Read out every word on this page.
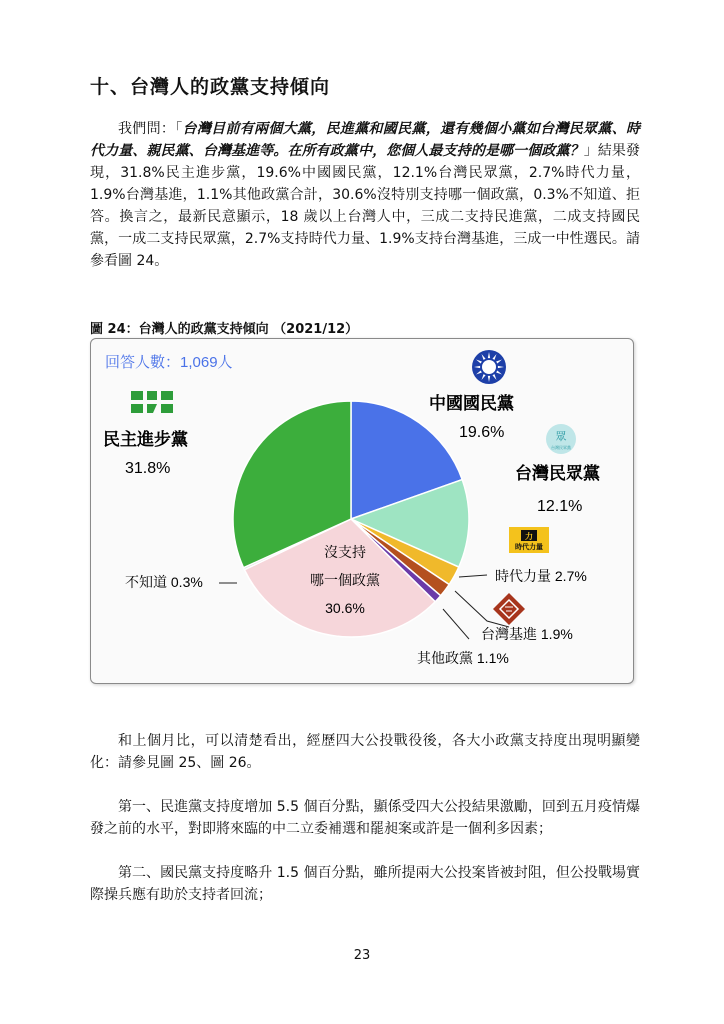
十、台灣人的政黨支持傾向
我們問：「台灣目前有兩個大黨，民進黨和國民黨，還有幾個小黨如台灣民眾黨、時代力量、親民黨、台灣基進等。在所有政黨中，您個人最支持的是哪一個政黨？」結果發現，31.8%民主進步黨，19.6%中國國民黨，12.1%台灣民眾黨，2.7%時代力量，1.9%台灣基進，1.1%其他政黨合計，30.6%沒特別支持哪一個政黨，0.3%不知道、拒答。換言之，最新民意顯示，18 歲以上台灣人中，三成二支持民進黨，二成支持國民黨，一成二支持民眾黨，2.7%支持時代力量、1.9%支持台灣基進，三成一中性選民。請參看圖 24。
圖 24：台灣人的政黨支持傾向 （2021/12）
回答人數：1,069人
民主進步黨
31.8%
中國國民黨
19.6%	眾
台灣民眾黨
台灣民眾黨
12.1%
力
時代力量
時代力量 2.7%
台灣基進 1.9%
其他政黨 1.1%
不知道 0.3%
沒支持
哪一個政黨
30.6%
和上個月比，可以清楚看出，經歷四大公投戰役後，各大小政黨支持度出現明顯變化：請參見圖 25、圖 26。
第一、民進黨支持度增加 5.5 個百分點，顯係受四大公投結果激勵，回到五月疫情爆發之前的水平，對即將來臨的中二立委補選和罷昶案或許是一個利多因素；
第二、國民黨支持度略升 1.5 個百分點，雖所提兩大公投案皆被封阻，但公投戰場實際操兵應有助於支持者回流；
23
